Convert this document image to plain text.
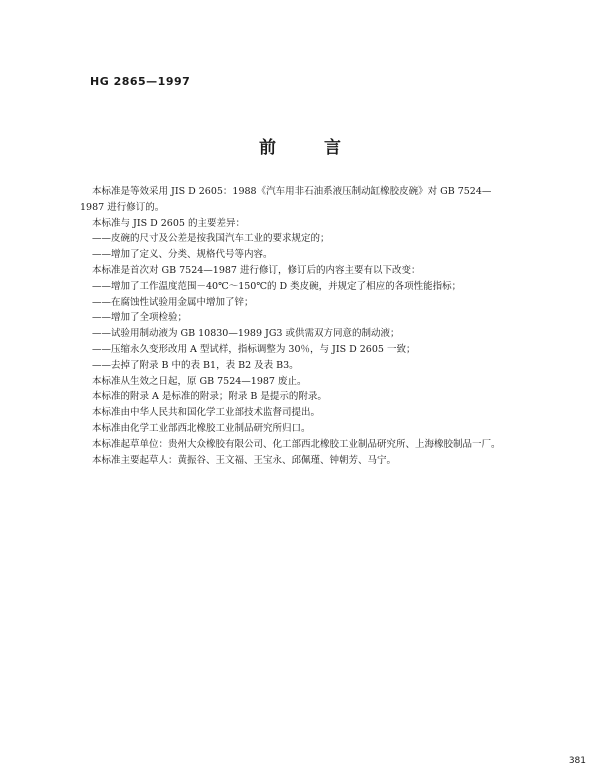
HG 2865—1997
前言

本标准是等效采用 JIS D 2605：1988《汽车用非石油系液压制动缸橡胶皮碗》对 GB 7524—1987 进行修订的。

本标准与 JIS D 2605 的主要差异：

——皮碗的尺寸及公差是按我国汽车工业的要求规定的；

——增加了定义、分类、规格代号等内容。

本标准是首次对 GB 7524—1987 进行修订，修订后的内容主要有以下改变：

——增加了工作温度范围－40℃～150℃的 D 类皮碗，并规定了相应的各项性能指标；

——在腐蚀性试验用金属中增加了锌；

——增加了全项检验；

——试验用制动液为 GB 10830—1989 JG3 或供需双方同意的制动液；

——压缩永久变形改用 A 型试样，指标调整为 30％，与 JIS D 2605 一致；

——去掉了附录 B 中的表 B1，表 B2 及表 B3。

本标准从生效之日起，原 GB 7524—1987 废止。

本标准的附录 A 是标准的附录；附录 B 是提示的附录。

本标准由中华人民共和国化学工业部技术监督司提出。

本标准由化学工业部西北橡胶工业制品研究所归口。

本标准起草单位：贵州大众橡胶有限公司、化工部西北橡胶工业制品研究所、上海橡胶制品一厂。

本标准主要起草人：黄振谷、王文福、王宝永、邱佩瑾、钟朝芳、马宁。

381
